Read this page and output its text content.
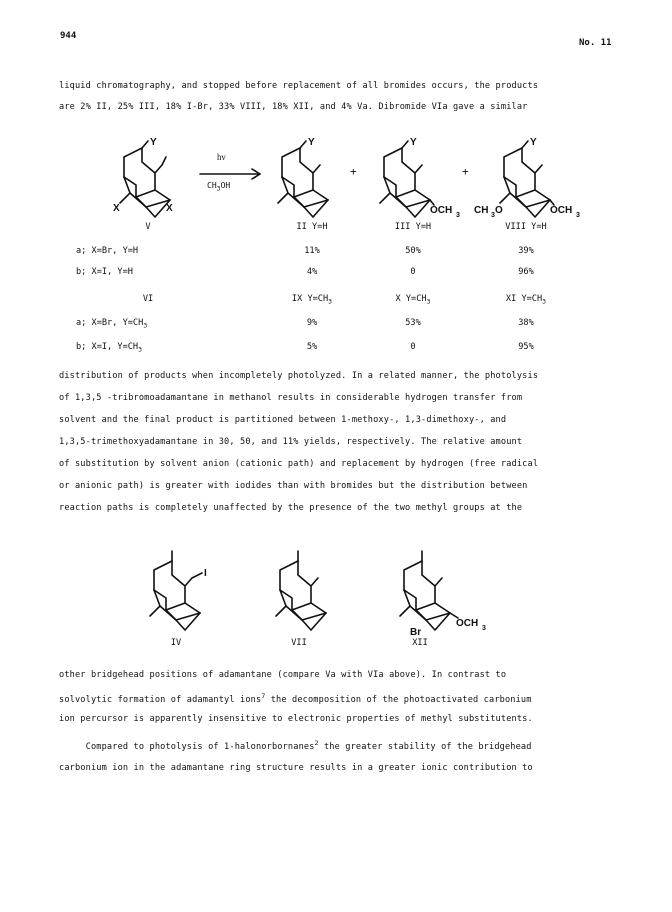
944
No. 11
liquid chromatography, and stopped before replacement of all bromides occurs, the products
are 2% II, 25% III, 18% I-Br, 33% VIII, 18% XII, and 4% Va. Dibromide VIa gave a similar
Y
X	X
hν
$CH_3OH$
Y
+
Y
OCH 3
+
Y
CH 3 O	OCH 3
V	II Y=H	III Y=H	VIII Y=H
a; X=Br, Y=H	11%	50%	39%
b; X=I, Y=H	4%	0	96%
VI	IX $Y=CH_3$	X $Y=CH_3$	XI $Y=CH_3$
a; X=Br, $Y=CH_3$	9%	53%	38%
b; X=I, $Y=CH_3$	5%	0	95%
distribution of products when incompletely photolyzed. In a related manner, the photolysis
of 1,3,5 -tribromoadamantane in methanol results in considerable hydrogen transfer from
solvent and the final product is partitioned between 1-methoxy-, 1,3-dimethoxy-, and
1,3,5-trimethoxyadamantane in 30, 50, and 11% yields, respectively. The relative amount
of substitution by solvent anion (cationic path) and replacement by hydrogen (free radical
or anionic path) is greater with iodides than with bromides but the distribution between
reaction paths is completely unaffected by the presence of the two methyl groups at the
I
Br
OCH 3
IV	VII	XII
other bridgehead positions of adamantane (compare Va with VIa above). In contrast to
solvolytic formation of adamantyl ions$^7$ the decomposition of the photoactivated carbonium
ion percursor is apparently insensitive to electronic properties of methyl substitutents.
Compared to photolysis of 1-halonorbornanes$^2$ the greater stability of the bridgehead
carbonium ion in the adamantane ring structure results in a greater ionic contribution to
